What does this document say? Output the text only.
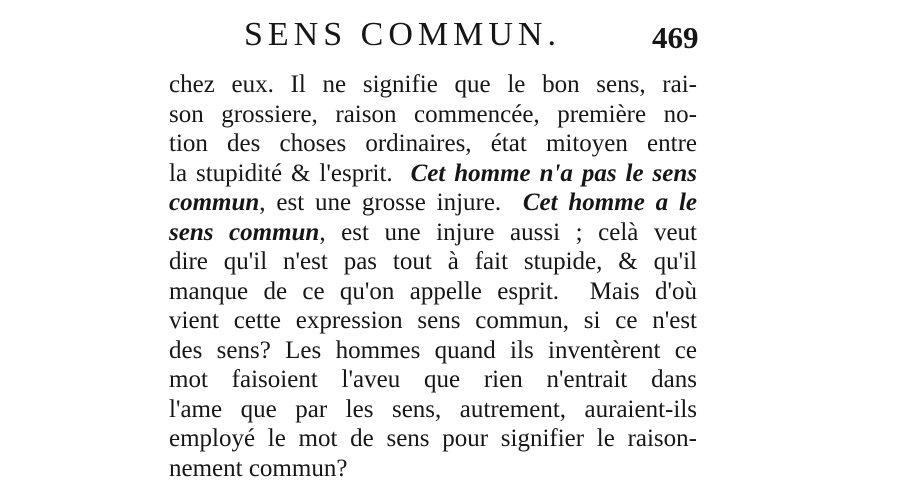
SENS COMMUN.	469
chez eux. Il ne signifie que le bon sens, rai-
son grossiere, raison commencée, première no-
tion des choses ordinaires, état mitoyen entre
la stupidité & l'esprit.  Cet homme n'a pas le sens
commun, est une grosse injure.  Cet homme a le
sens commun, est une injure aussi ; celà veut
dire qu'il n'est pas tout à fait stupide, & qu'il
manque de ce qu'on appelle esprit.  Mais d'où
vient cette expression sens commun, si ce n'est
des sens? Les hommes quand ils inventèrent ce
mot faisoient l'aveu que rien n'entrait dans
l'ame que par les sens, autrement, auraient-ils
employé le mot de sens pour signifier le raison-
nement commun?
